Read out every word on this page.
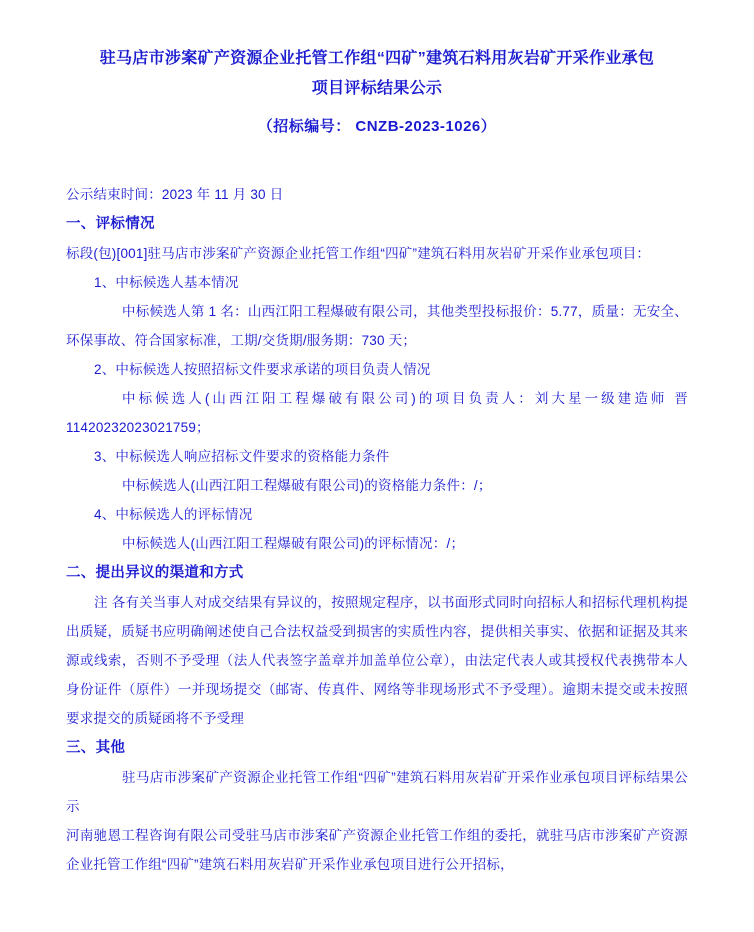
驻马店市涉案矿产资源企业托管工作组“四矿”建筑石料用灰岩矿开采作业承包
项目评标结果公示
（招标编号： CNZB-2023-1026）

公示结束时间：2023 年 11 月 30 日

一、评标情况

标段(包)[001]驻马店市涉案矿产资源企业托管工作组“四矿”建筑石料用灰岩矿开采作业承包项目：

1、中标候选人基本情况

中标候选人第 1 名：山西江阳工程爆破有限公司，其他类型投标报价：5.77，质量：无安全、环保事故、符合国家标准，工期/交货期/服务期：730 天；

2、中标候选人按照招标文件要求承诺的项目负责人情况

中标候选人(山西江阳工程爆破有限公司)的项目负责人：刘大星一级建造师 晋11420232023021759；

3、中标候选人响应招标文件要求的资格能力条件

中标候选人(山西江阳工程爆破有限公司)的资格能力条件：/；

4、中标候选人的评标情况

中标候选人(山西江阳工程爆破有限公司)的评标情况：/；

二、提出异议的渠道和方式

注 各有关当事人对成交结果有异议的，按照规定程序，以书面形式同时向招标人和招标代理机构提出质疑，质疑书应明确阐述使自己合法权益受到损害的实质性内容，提供相关事实、依据和证据及其来源或线索，否则不予受理（法人代表签字盖章并加盖单位公章），由法定代表人或其授权代表携带本人身份证件（原件）一并现场提交（邮寄、传真件、网络等非现场形式不予受理）。逾期未提交或未按照要求提交的质疑函将不予受理

三、其他

驻马店市涉案矿产资源企业托管工作组“四矿”建筑石料用灰岩矿开采作业承包项目评标结果公示

河南驰恩工程咨询有限公司受驻马店市涉案矿产资源企业托管工作组的委托，就驻马店市涉案矿产资源企业托管工作组“四矿”建筑石料用灰岩矿开采作业承包项目进行公开招标，
